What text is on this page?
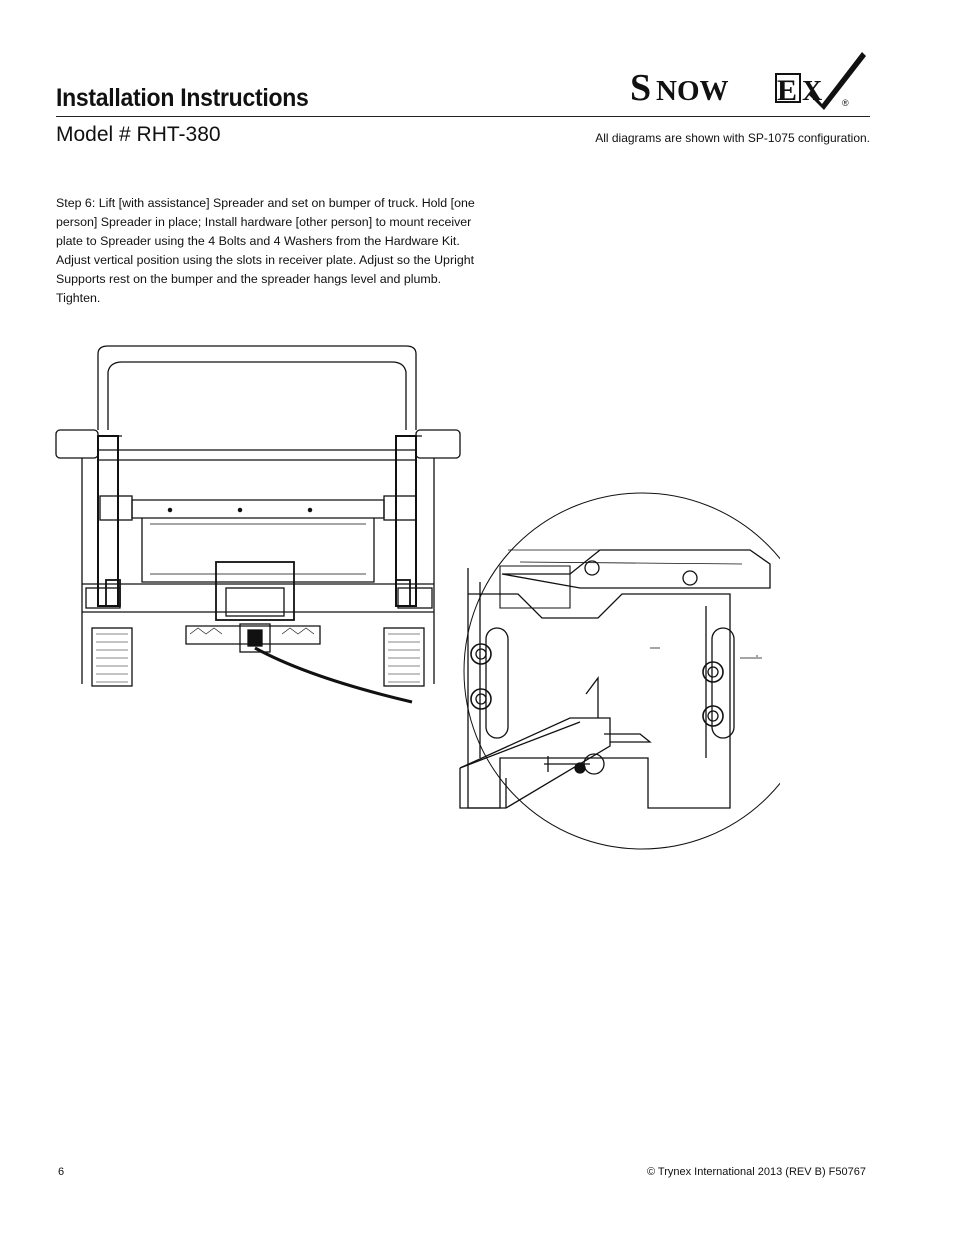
Installation Instructions
Model # RHT-380	All diagrams are shown with SP-1075 configuration.
S NOW E X ®
Step 6: Lift [with assistance] Spreader and set on bumper of truck. Hold [one person] Spreader in place; Install hardware [other person] to mount receiver plate to Spreader using the 4 Bolts and 4 Washers from the Hardware Kit. Adjust vertical position using the slots in receiver plate. Adjust so the Upright Supports rest on the bumper and the spreader hangs level and plumb. Tighten.
6	© Trynex International 2013 (REV B) F50767
